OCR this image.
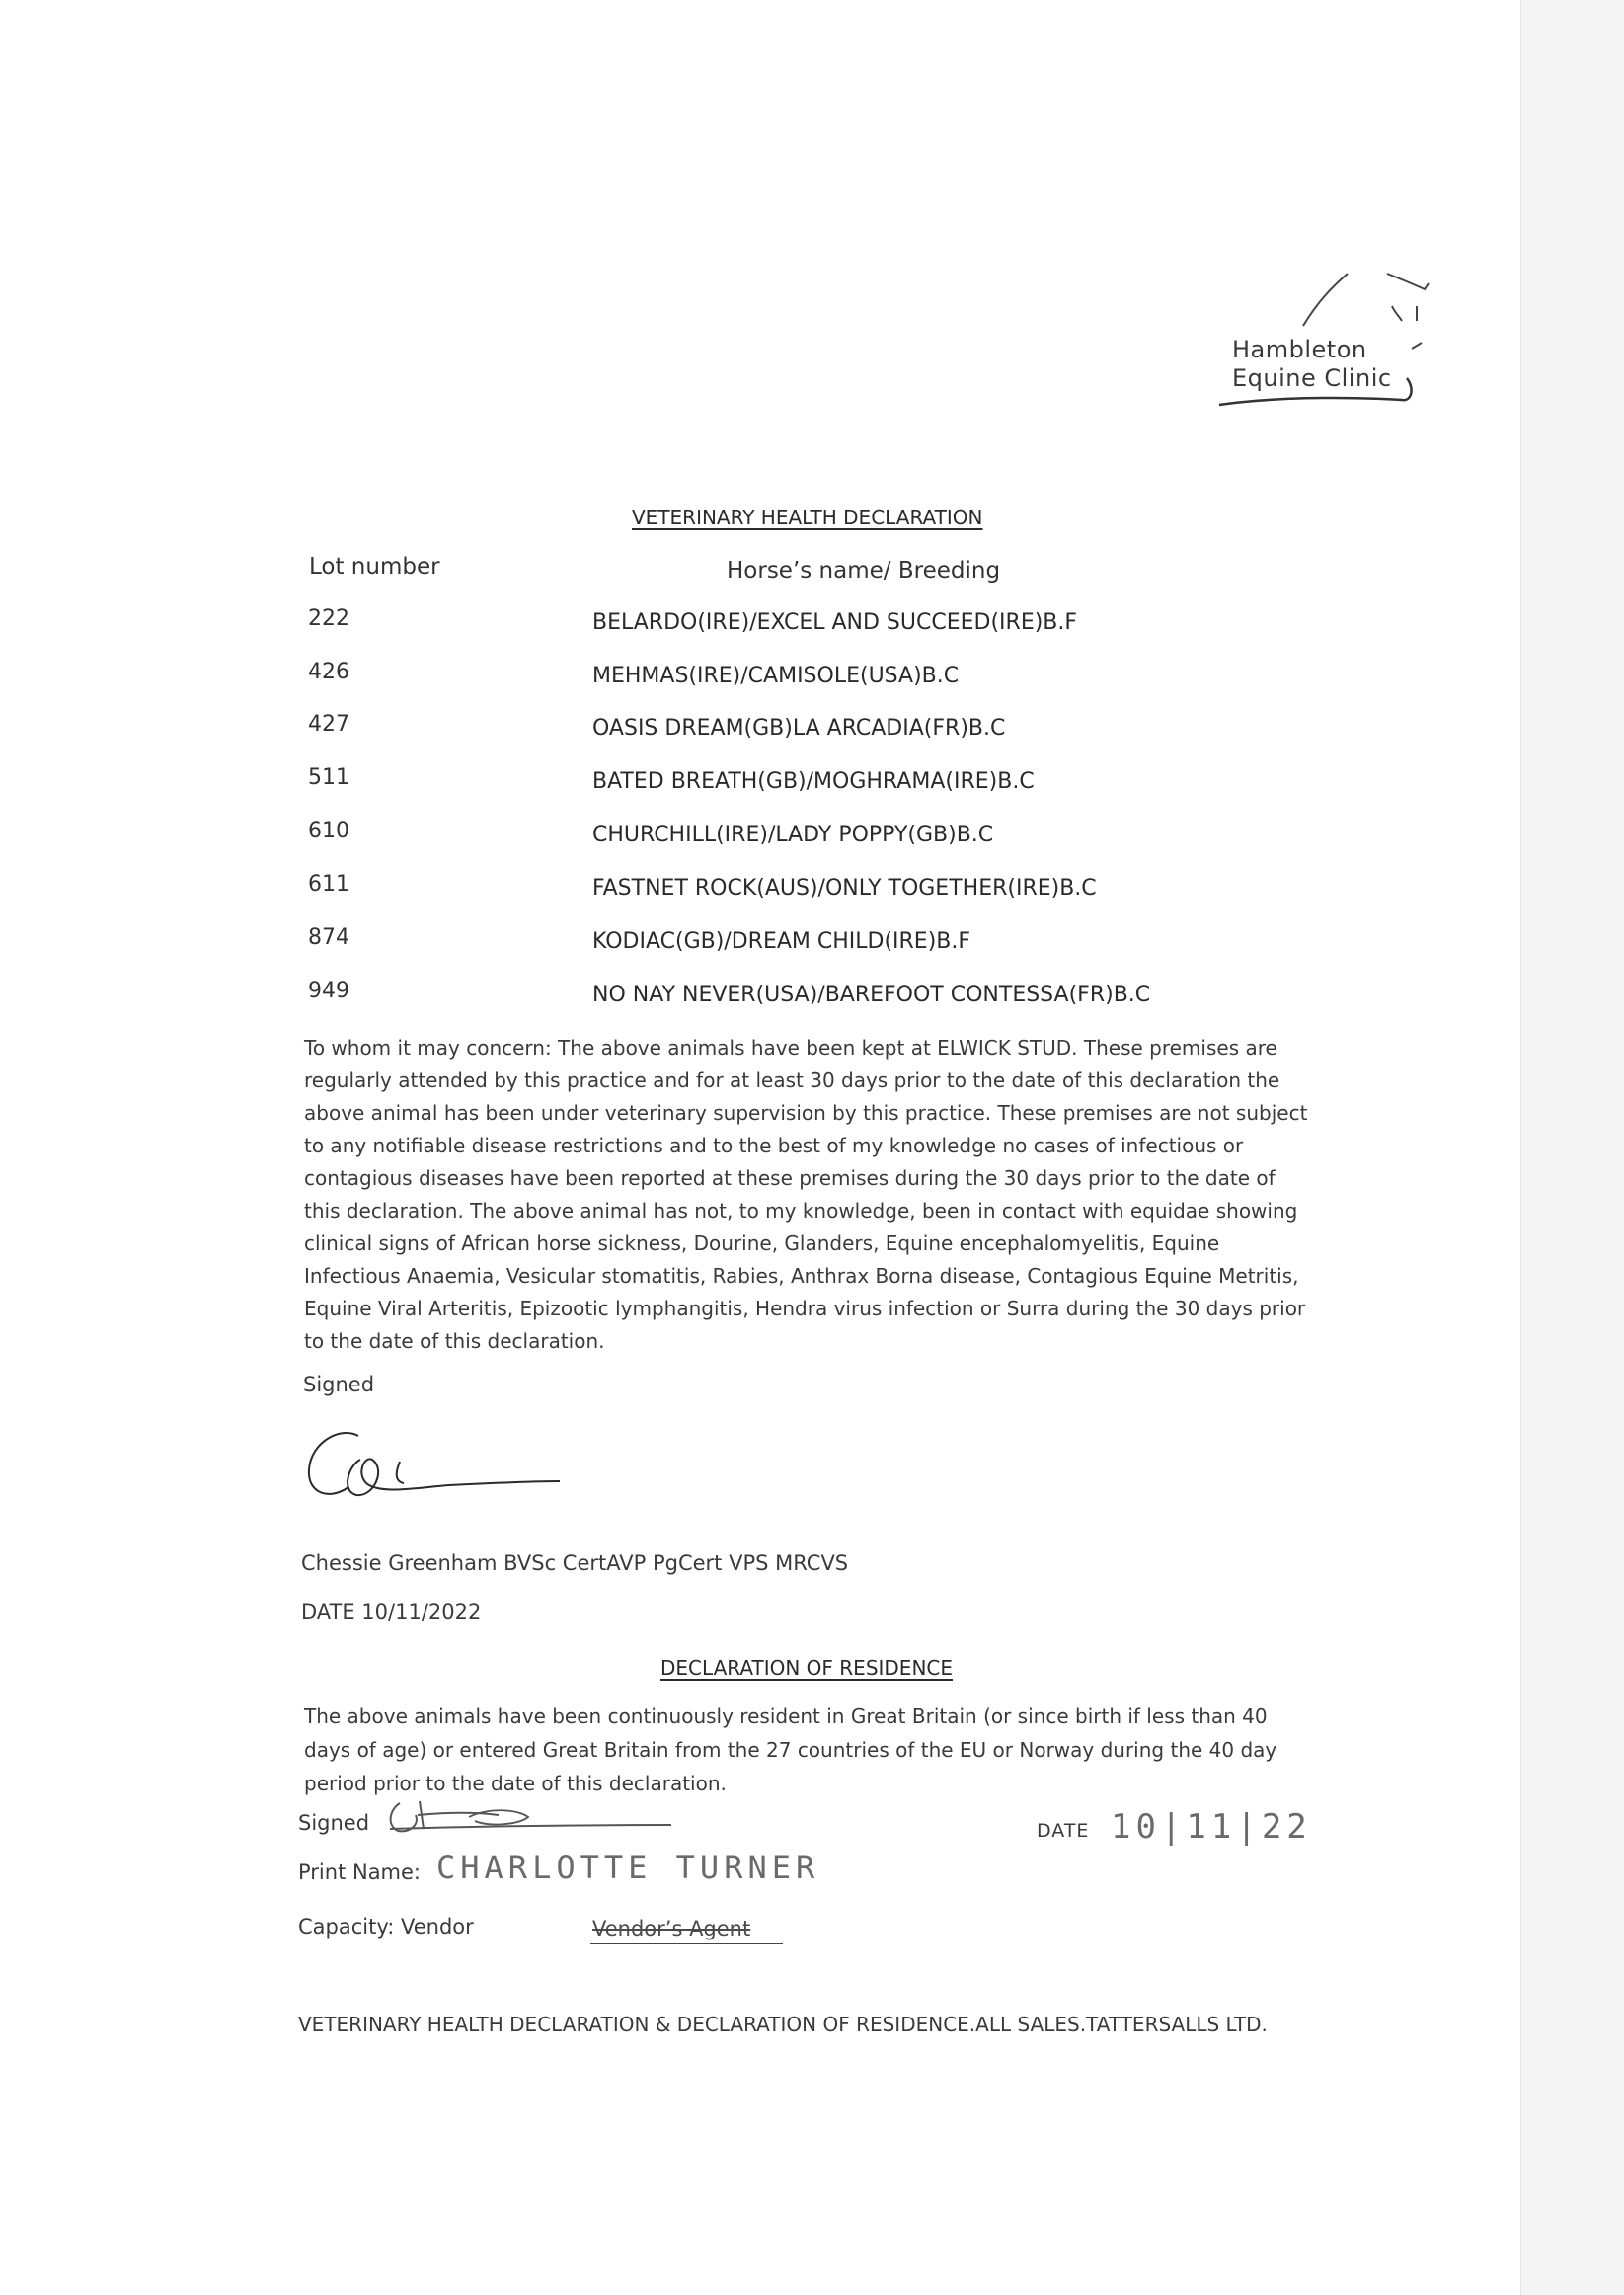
Hambleton
Equine Clinic
VETERINARY HEALTH DECLARATION
Lot number	Horse’s name/ Breeding
222	BELARDO(IRE)/EXCEL AND SUCCEED(IRE)B.F
426	MEHMAS(IRE)/CAMISOLE(USA)B.C
427	OASIS DREAM(GB)LA ARCADIA(FR)B.C
511	BATED BREATH(GB)/MOGHRAMA(IRE)B.C
610	CHURCHILL(IRE)/LADY POPPY(GB)B.C
611	FASTNET ROCK(AUS)/ONLY TOGETHER(IRE)B.C
874	KODIAC(GB)/DREAM CHILD(IRE)B.F
949	NO NAY NEVER(USA)/BAREFOOT CONTESSA(FR)B.C
To whom it may concern: The above animals have been kept at ELWICK STUD. These premises are
regularly attended by this practice and for at least 30 days prior to the date of this declaration the
above animal has been under veterinary supervision by this practice. These premises are not subject
to any notifiable disease restrictions and to the best of my knowledge no cases of infectious or
contagious diseases have been reported at these premises during the 30 days prior to the date of
this declaration. The above animal has not, to my knowledge, been in contact with equidae showing
clinical signs of African horse sickness, Dourine, Glanders, Equine encephalomyelitis, Equine
Infectious Anaemia, Vesicular stomatitis, Rabies, Anthrax Borna disease, Contagious Equine Metritis,
Equine Viral Arteritis, Epizootic lymphangitis, Hendra virus infection or Surra during the 30 days prior
to the date of this declaration.
Signed
Chessie Greenham BVSc CertAVP PgCert VPS MRCVS
DATE 10/11/2022
DECLARATION OF RESIDENCE
The above animals have been continuously resident in Great Britain (or since birth if less than 40
days of age) or entered Great Britain from the 27 countries of the EU or Norway during the 40 day
period prior to the date of this declaration.
Signed	DATE 10|11|22
Print Name: CHARLOTTE TURNER
Capacity: Vendor	Vendor’s Agent
VETERINARY HEALTH DECLARATION & DECLARATION OF RESIDENCE.ALL SALES.TATTERSALLS LTD.
